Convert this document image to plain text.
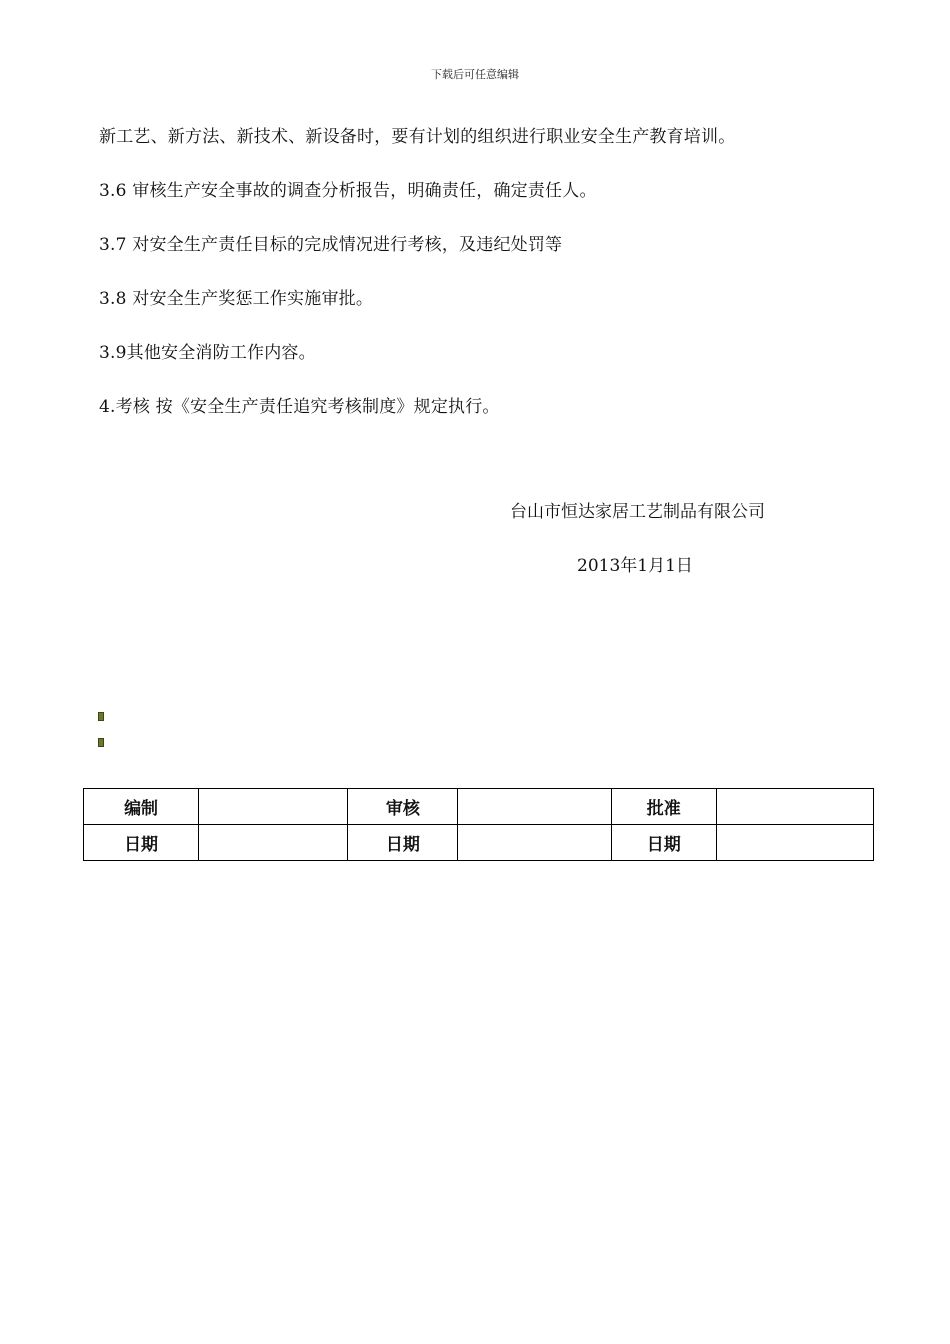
下载后可任意编辑
新工艺、新方法、新技术、新设备时，要有计划的组织进行职业安全生产教育培训。
3.6 审核生产安全事故的调查分析报告，明确责任，确定责任人。
3.7 对安全生产责任目标的完成情况进行考核，及违纪处罚等
3.8 对安全生产奖惩工作实施审批。
3.9其他安全消防工作内容。
4.考核 按《安全生产责任追究考核制度》规定执行。
台山市恒达家居工艺制品有限公司
2013年1月1日
编制		审核		批准	
日期		日期		日期	
